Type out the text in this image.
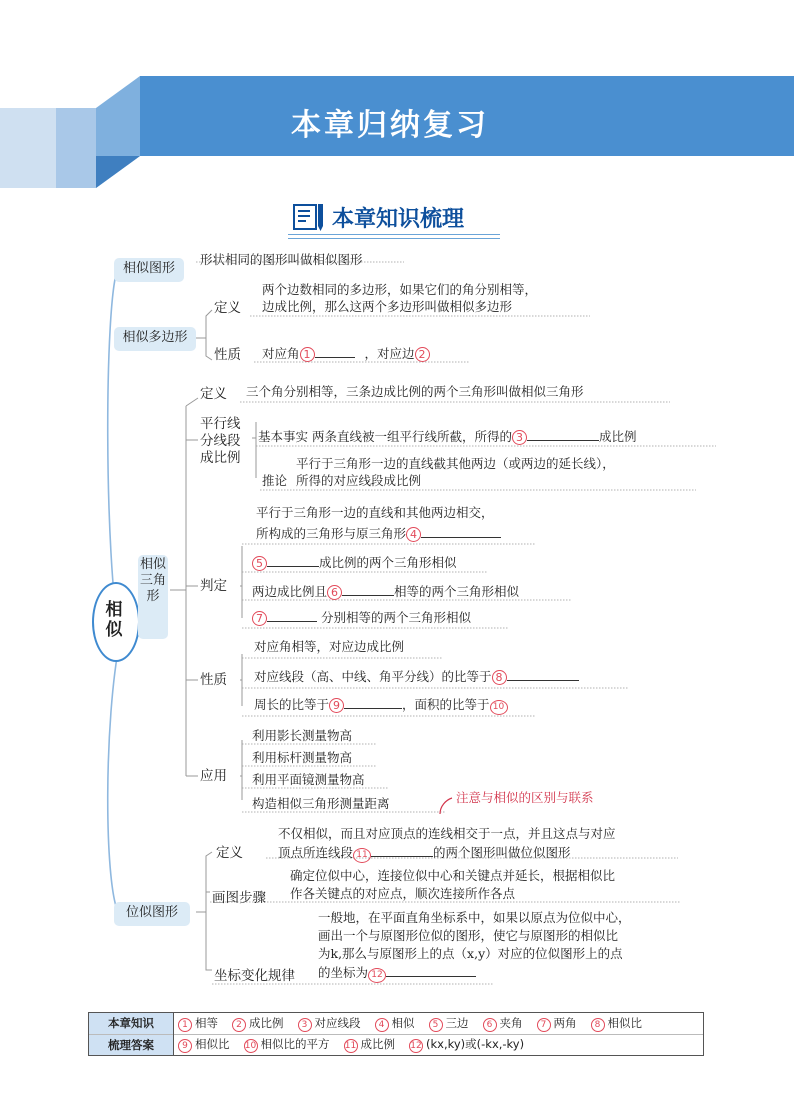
本章归纳复习
本章知识梳理
相似
相似图形
形状相同的图形叫做相似图形
相似多边形
定义
两个边数相同的多边形，如果它们的角分别相等，
边成比例，那么这两个多边形叫做相似多边形
性质 对应角 1	，对应边 2
相似三角形
定义 三个角分别相等，三条边成比例的两个三角形叫做相似三角形
平行线
分线段
成比例
基本事实 两条直线被一组平行线所截，所得的 3	成比例
平行于三角形一边的直线截其他两边（或两边的延长线），
推论 所得的对应线段成比例
判定
平行于三角形一边的直线和其他两边相交，
所构成的三角形与原三角形 4
5	成比例的两个三角形相似
两边成比例且 6	相等的两个三角形相似
7	分别相等的两个三角形相似
性质
对应角相等，对应边成比例
对应线段（高、中线、角平分线）的比等于 8
周长的比等于 9	，面积的比等于 10
应用
利用影长测量物高
利用标杆测量物高
利用平面镜测量物高
构造相似三角形测量距离	注意与相似的区别与联系
位似图形
定义
不仅相似，而且对应顶点的连线相交于一点，并且这点与对应
顶点所连线段 11	的两个图形叫做位似图形
画图步骤
确定位似中心，连接位似中心和关键点并延长，根据相似比
作各关键点的对应点，顺次连接所作各点
坐标变化规律
一般地，在平面直角坐标系中，如果以原点为位似中心，
画出一个与原图形位似的图形，使它与原图形的相似比
为k,那么与原图形上的点（x,y）对应的位似图形上的点
的坐标为 12
本章知识	1 相等 2 成比例 3 对应线段 4 相似 5 三边 6 夹角 7 两角 8 相似比
梳理答案	9 相似比 10 相似比的平方 11 成比例 12 (kx,ky)或(-kx,-ky)
